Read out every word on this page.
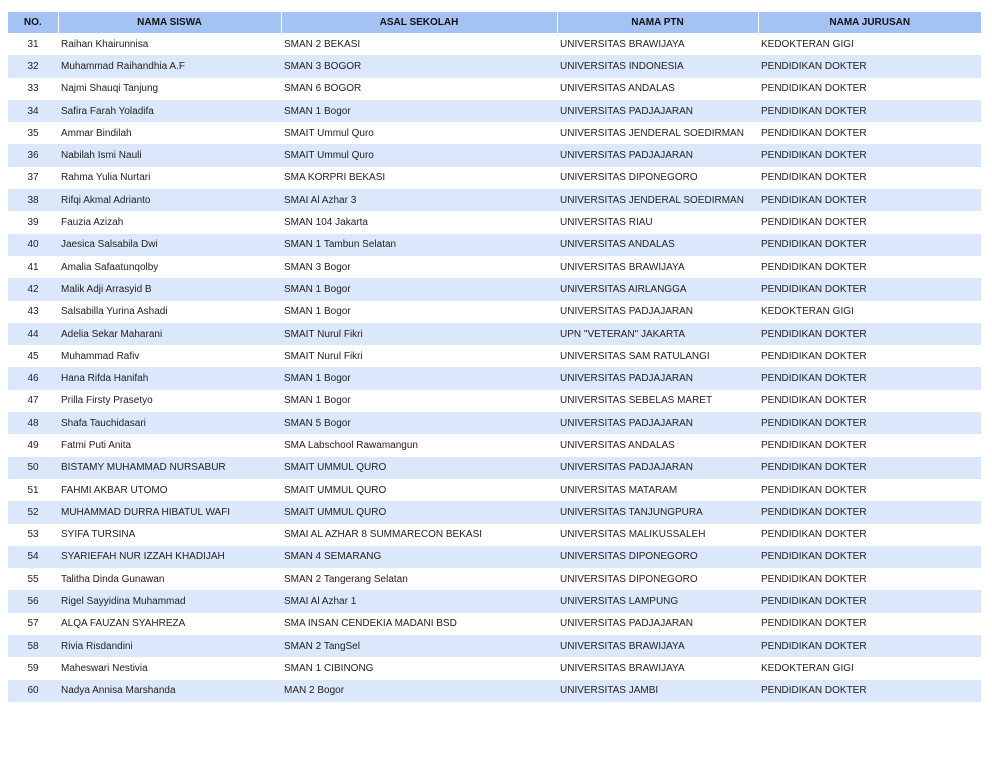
NO.	NAMA SISWA	ASAL SEKOLAH	NAMA PTN	NAMA JURUSAN
31	Raihan Khairunnisa	SMAN 2 BEKASI	UNIVERSITAS BRAWIJAYA	KEDOKTERAN GIGI
32	Muhammad Raihandhia A.F	SMAN 3 BOGOR	UNIVERSITAS INDONESIA	PENDIDIKAN DOKTER
33	Najmi Shauqi Tanjung	SMAN 6 BOGOR	UNIVERSITAS ANDALAS	PENDIDIKAN DOKTER
34	Safira Farah Yoladifa	SMAN 1 Bogor	UNIVERSITAS PADJAJARAN	PENDIDIKAN DOKTER
35	Ammar Bindilah	SMAIT Ummul Quro	UNIVERSITAS JENDERAL SOEDIRMAN	PENDIDIKAN DOKTER
36	Nabilah Ismi Nauli	SMAIT Ummul Quro	UNIVERSITAS PADJAJARAN	PENDIDIKAN DOKTER
37	Rahma Yulia Nurtari	SMA KORPRI BEKASI	UNIVERSITAS DIPONEGORO	PENDIDIKAN DOKTER
38	Rifqi Akmal Adrianto	SMAI Al Azhar 3	UNIVERSITAS JENDERAL SOEDIRMAN	PENDIDIKAN DOKTER
39	Fauzia Azizah	SMAN 104 Jakarta	UNIVERSITAS RIAU	PENDIDIKAN DOKTER
40	Jaesica Salsabila Dwi	SMAN 1 Tambun Selatan	UNIVERSITAS ANDALAS	PENDIDIKAN DOKTER
41	Amalia Safaatunqolby	SMAN 3 Bogor	UNIVERSITAS BRAWIJAYA	PENDIDIKAN DOKTER
42	Malik Adji Arrasyid B	SMAN 1 Bogor	UNIVERSITAS AIRLANGGA	PENDIDIKAN DOKTER
43	Salsabilla Yurina Ashadi	SMAN 1 Bogor	UNIVERSITAS PADJAJARAN	KEDOKTERAN GIGI
44	Adelia Sekar Maharani	SMAIT Nurul Fikri	UPN "VETERAN" JAKARTA	PENDIDIKAN DOKTER
45	Muhammad Rafiv	SMAIT Nurul Fikri	UNIVERSITAS SAM RATULANGI	PENDIDIKAN DOKTER
46	Hana Rifda Hanifah	SMAN 1 Bogor	UNIVERSITAS PADJAJARAN	PENDIDIKAN DOKTER
47	Prilla Firsty Prasetyo	SMAN 1 Bogor	UNIVERSITAS SEBELAS MARET	PENDIDIKAN DOKTER
48	Shafa Tauchidasari	SMAN 5 Bogor	UNIVERSITAS PADJAJARAN	PENDIDIKAN DOKTER
49	Fatmi Puti Anita	SMA Labschool Rawamangun	UNIVERSITAS ANDALAS	PENDIDIKAN DOKTER
50	BISTAMY MUHAMMAD NURSABUR	SMAIT UMMUL QURO	UNIVERSITAS PADJAJARAN	PENDIDIKAN DOKTER
51	FAHMI AKBAR UTOMO	SMAIT UMMUL QURO	UNIVERSITAS MATARAM	PENDIDIKAN DOKTER
52	MUHAMMAD DURRA HIBATUL WAFI	SMAIT UMMUL QURO	UNIVERSITAS TANJUNGPURA	PENDIDIKAN DOKTER
53	SYIFA TURSINA	SMAI AL AZHAR 8 SUMMARECON BEKASI	UNIVERSITAS MALIKUSSALEH	PENDIDIKAN DOKTER
54	SYARIEFAH NUR IZZAH KHADIJAH	SMAN 4 SEMARANG	UNIVERSITAS DIPONEGORO	PENDIDIKAN DOKTER
55	Talitha Dinda Gunawan	SMAN 2 Tangerang Selatan	UNIVERSITAS DIPONEGORO	PENDIDIKAN DOKTER
56	Rigel Sayyidina Muhammad	SMAI Al Azhar 1	UNIVERSITAS LAMPUNG	PENDIDIKAN DOKTER
57	ALQA FAUZAN SYAHREZA	SMA INSAN CENDEKIA MADANI BSD	UNIVERSITAS PADJAJARAN	PENDIDIKAN DOKTER
58	Rivia Risdandini	SMAN 2 TangSel	UNIVERSITAS BRAWIJAYA	PENDIDIKAN DOKTER
59	Maheswari Nestivia	SMAN 1 CIBINONG	UNIVERSITAS BRAWIJAYA	KEDOKTERAN GIGI
60	Nadya Annisa Marshanda	MAN 2 Bogor	UNIVERSITAS JAMBI	PENDIDIKAN DOKTER
